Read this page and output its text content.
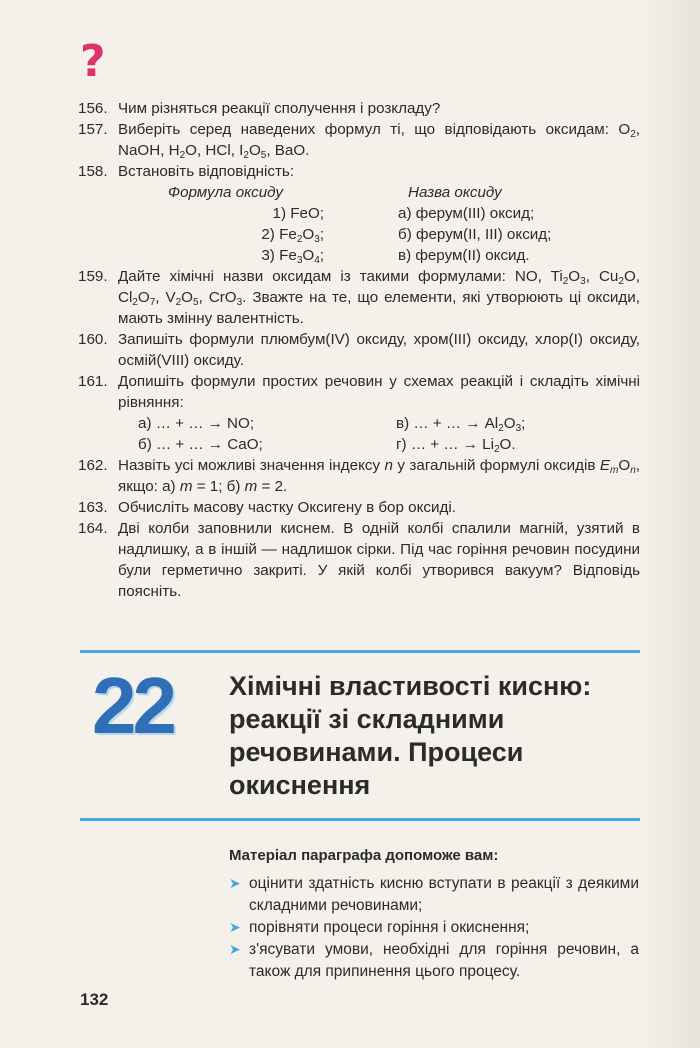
?
156. Чим різняться реакції сполучення і розкладу?
157. Виберіть серед наведених формул ті, що відповідають оксидам: $O_2$, NaOH, $H_2O$, HCl, $I_2O_5$, BaO.
158. Встановіть відповідність:
Формула оксиду	Назва оксиду
1) FeO;	а) ферум(ІІІ) оксид;
2) $Fe_2O_3$;	б) ферум(ІІ, ІІІ) оксид;
3) $Fe_3O_4$;	в) ферум(ІІ) оксид.
159. Дайте хімічні назви оксидам із такими формулами: NO, $Ti_2O_3$, $Cu_2O$, $Cl_2O_7$, $V_2O_5$, CrO$_3$. Зважте на те, що елементи, які утворюють ці оксиди, мають змінну валентність.
160. Запишіть формули плюмбум(IV) оксиду, хром(ІІІ) оксиду, хлор(І) оксиду, осмій(VIII) оксиду.
161. Допишіть формули простих речовин у схемах реакцій і складіть хімічні рівняння:
а) … + … → NO;	в) … + … → $Al_2O_3$;
б) … + … → CaO;	г) … + … → $Li_2O$.
162. Назвіть усі можливі значення індексу n у загальній формулі оксидів $E_mO_n$, якщо: а) m = 1; б) m = 2.
163. Обчисліть масову частку Оксигену в бор оксиді.
164. Дві колби заповнили киснем. В одній колбі спалили магній, узятий в надлишку, а в іншій — надлишок сірки. Під час горіння речовин посудини були герметично закриті. У якій колбі утворився вакуум? Відповідь поясніть.
22 Хімічні властивості кисню: реакції зі складними речовинами. Процеси окиснення
Матеріал параграфа допоможе вам:
➤ оцінити здатність кисню вступати в реакції з деякими складними речовинами;
➤ порівняти процеси горіння і окиснення;
➤ з'ясувати умови, необхідні для горіння речовин, а також для припинення цього процесу.
132
